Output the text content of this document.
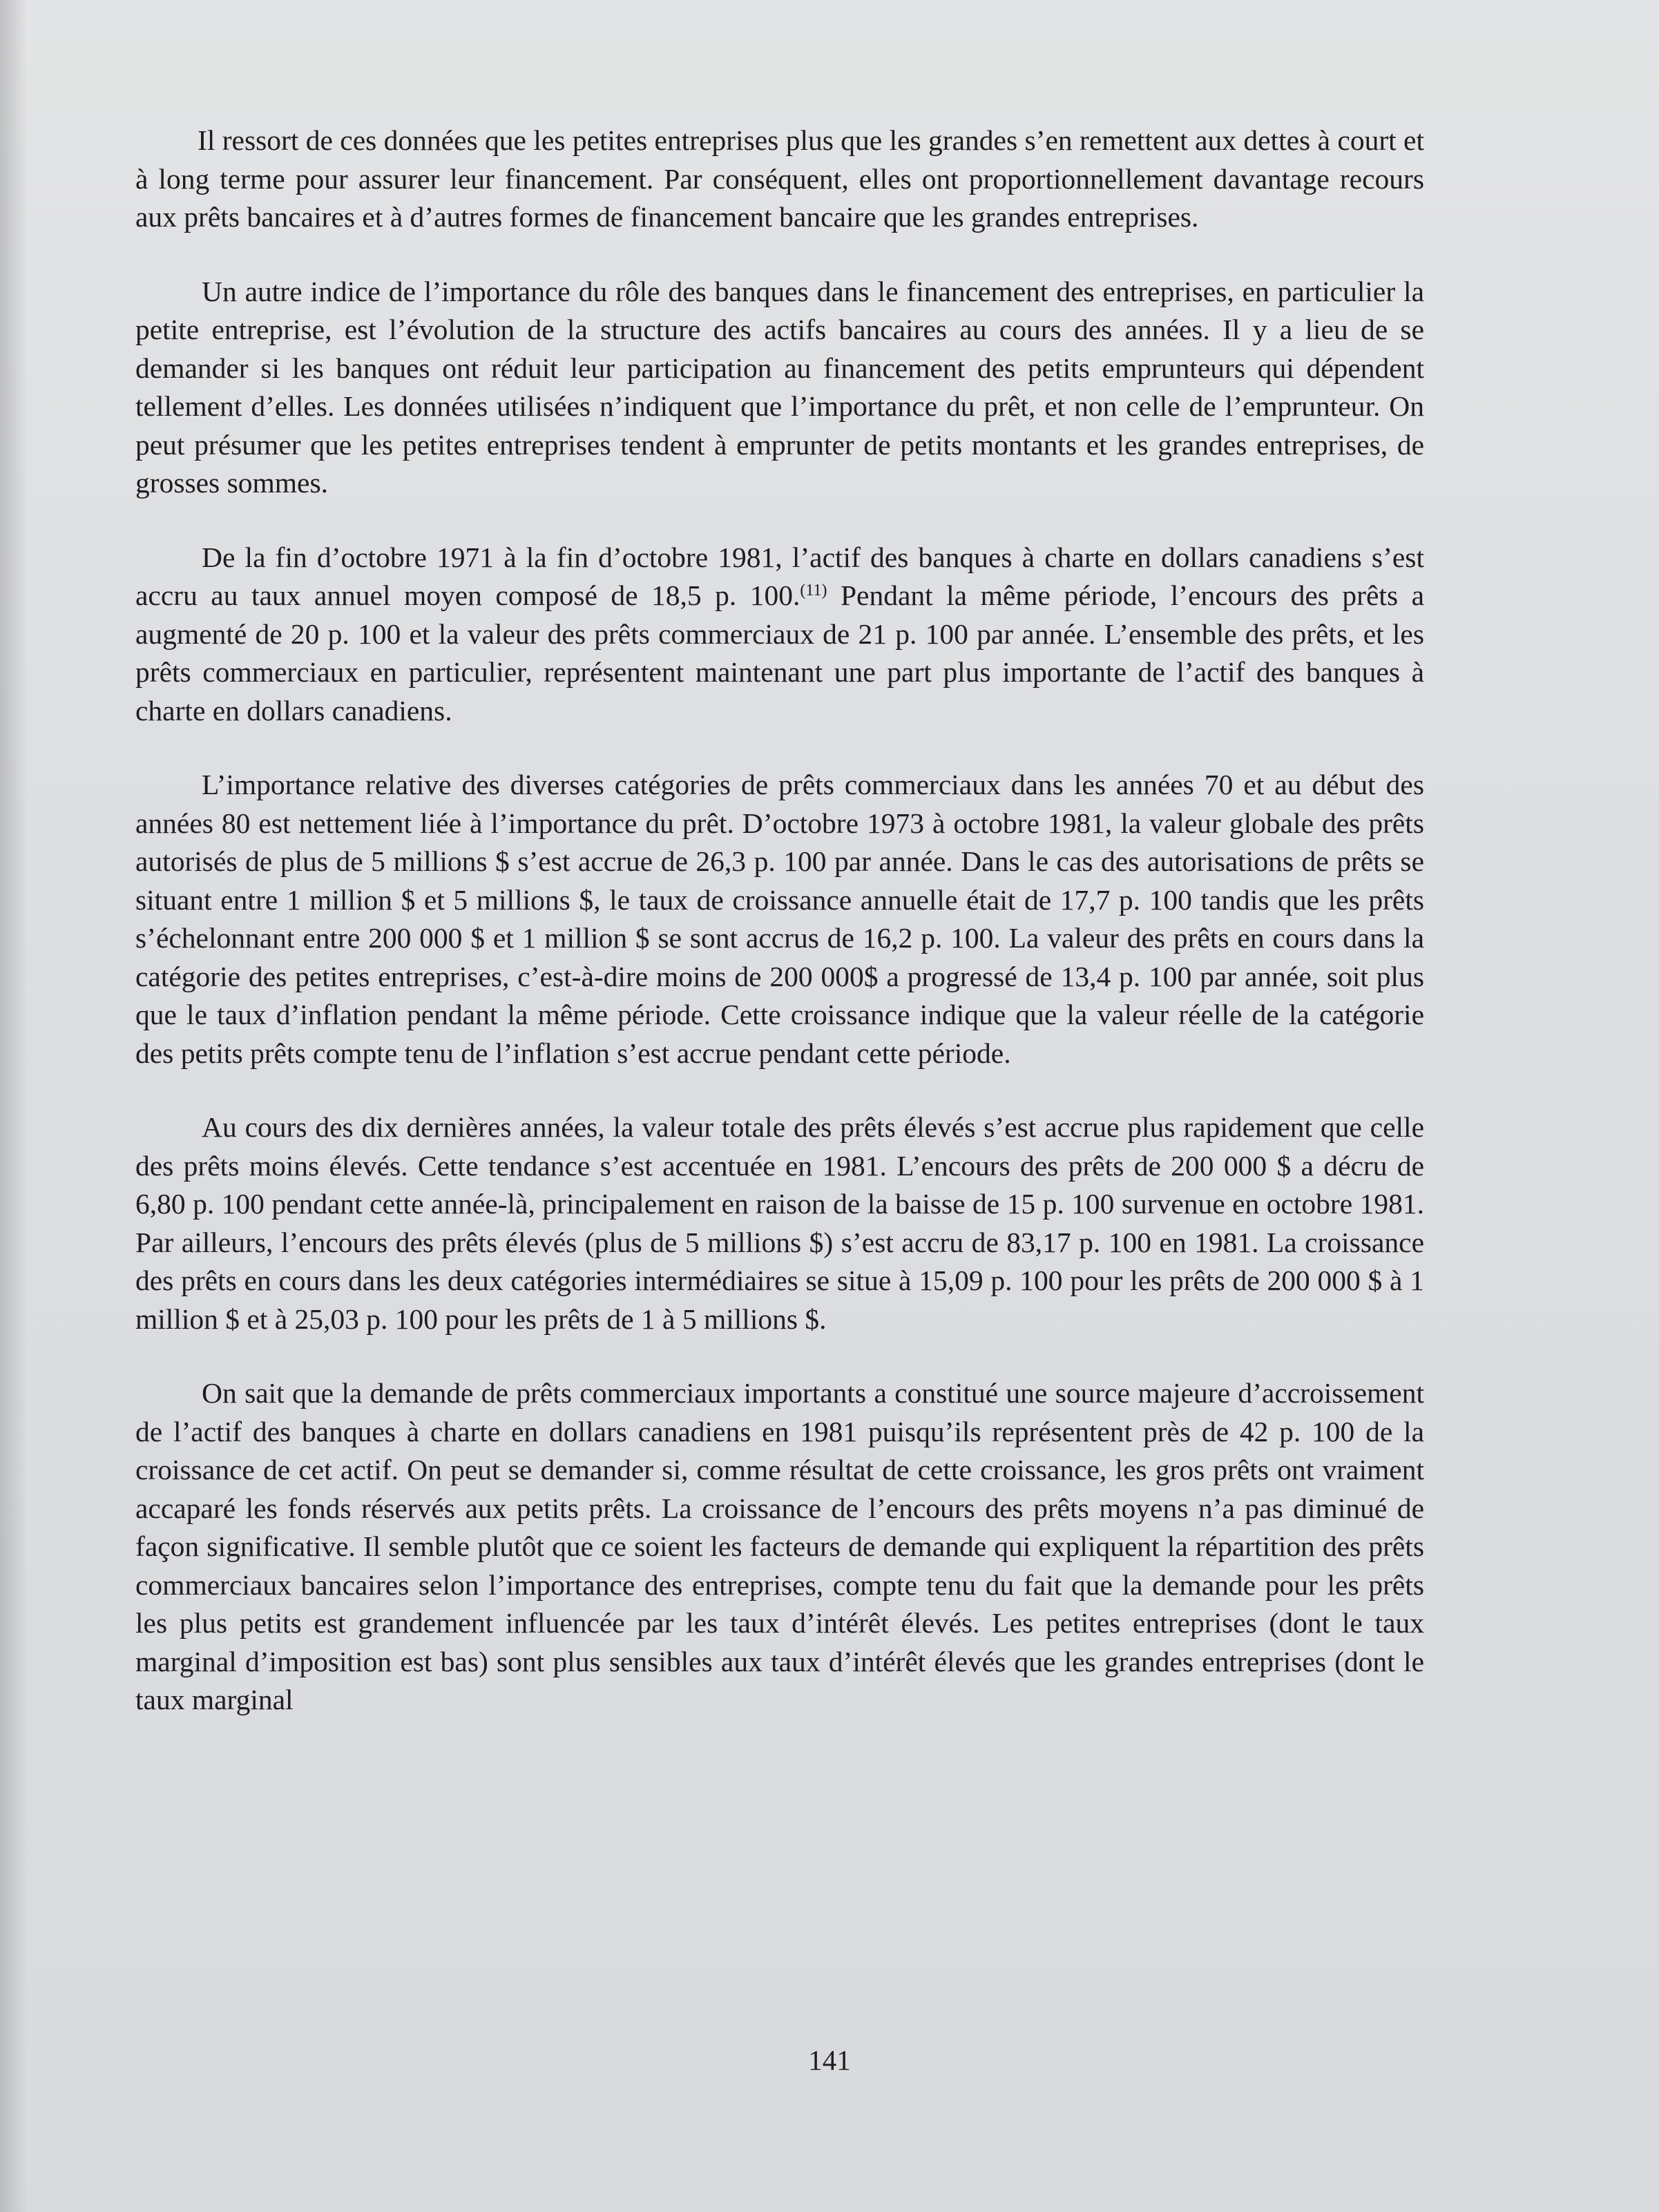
Il ressort de ces données que les petites entreprises plus que les grandes s’en remettent aux dettes à court et à long terme pour assurer leur financement. Par conséquent, elles ont proportionnellement davantage recours aux prêts bancaires et à d’autres formes de financement bancaire que les grandes entreprises.

Un autre indice de l’importance du rôle des banques dans le financement des entreprises, en particulier la petite entreprise, est l’évolution de la structure des actifs bancaires au cours des années. Il y a lieu de se demander si les banques ont réduit leur participation au financement des petits emprunteurs qui dépendent tellement d’elles. Les données utilisées n’indiquent que l’importance du prêt, et non celle de l’emprunteur. On peut présumer que les petites entreprises tendent à emprunter de petits montants et les grandes entreprises, de grosses sommes.

De la fin d’octobre 1971 à la fin d’octobre 1981, l’actif des banques à charte en dollars canadiens s’est accru au taux annuel moyen composé de 18,5 p. 100.$^{(11)}$ Pendant la même période, l’encours des prêts a augmenté de 20 p. 100 et la valeur des prêts commerciaux de 21 p. 100 par année. L’ensemble des prêts, et les prêts commerciaux en particulier, représentent maintenant une part plus importante de l’actif des banques à charte en dollars canadiens.

L’importance relative des diverses catégories de prêts commerciaux dans les années 70 et au début des années 80 est nettement liée à l’importance du prêt. D’octobre 1973 à octobre 1981, la valeur globale des prêts autorisés de plus de 5 millions $ s’est accrue de 26,3 p. 100 par année. Dans le cas des autorisations de prêts se situant entre 1 million $ et 5 millions $, le taux de croissance annuelle était de 17,7 p. 100 tandis que les prêts s’échelonnant entre 200 000 $ et 1 million $ se sont accrus de 16,2 p. 100. La valeur des prêts en cours dans la catégorie des petites entreprises, c’est-à-dire moins de 200 000$ a progressé de 13,4 p. 100 par année, soit plus que le taux d’inflation pendant la même période. Cette croissance indique que la valeur réelle de la catégorie des petits prêts compte tenu de l’inflation s’est accrue pendant cette période.

Au cours des dix dernières années, la valeur totale des prêts élevés s’est accrue plus rapidement que celle des prêts moins élevés. Cette tendance s’est accentuée en 1981. L’encours des prêts de 200 000 $ a décru de 6,80 p. 100 pendant cette année-là, principalement en raison de la baisse de 15 p. 100 survenue en octobre 1981. Par ailleurs, l’encours des prêts élevés (plus de 5 millions $) s’est accru de 83,17 p. 100 en 1981. La croissance des prêts en cours dans les deux catégories intermédiaires se situe à 15,09 p. 100 pour les prêts de 200 000 $ à 1 million $ et à 25,03 p. 100 pour les prêts de 1 à 5 millions $.

On sait que la demande de prêts commerciaux importants a constitué une source majeure d’accroissement de l’actif des banques à charte en dollars canadiens en 1981 puisqu’ils représentent près de 42 p. 100 de la croissance de cet actif. On peut se demander si, comme résultat de cette croissance, les gros prêts ont vraiment accaparé les fonds réservés aux petits prêts. La croissance de l’encours des prêts moyens n’a pas diminué de façon significative. Il semble plutôt que ce soient les facteurs de demande qui expliquent la répartition des prêts commerciaux bancaires selon l’importance des entreprises, compte tenu du fait que la demande pour les prêts les plus petits est grandement influencée par les taux d’intérêt élevés. Les petites entreprises (dont le taux marginal d’imposition est bas) sont plus sensibles aux taux d’intérêt élevés que les grandes entreprises (dont le taux marginal

141
